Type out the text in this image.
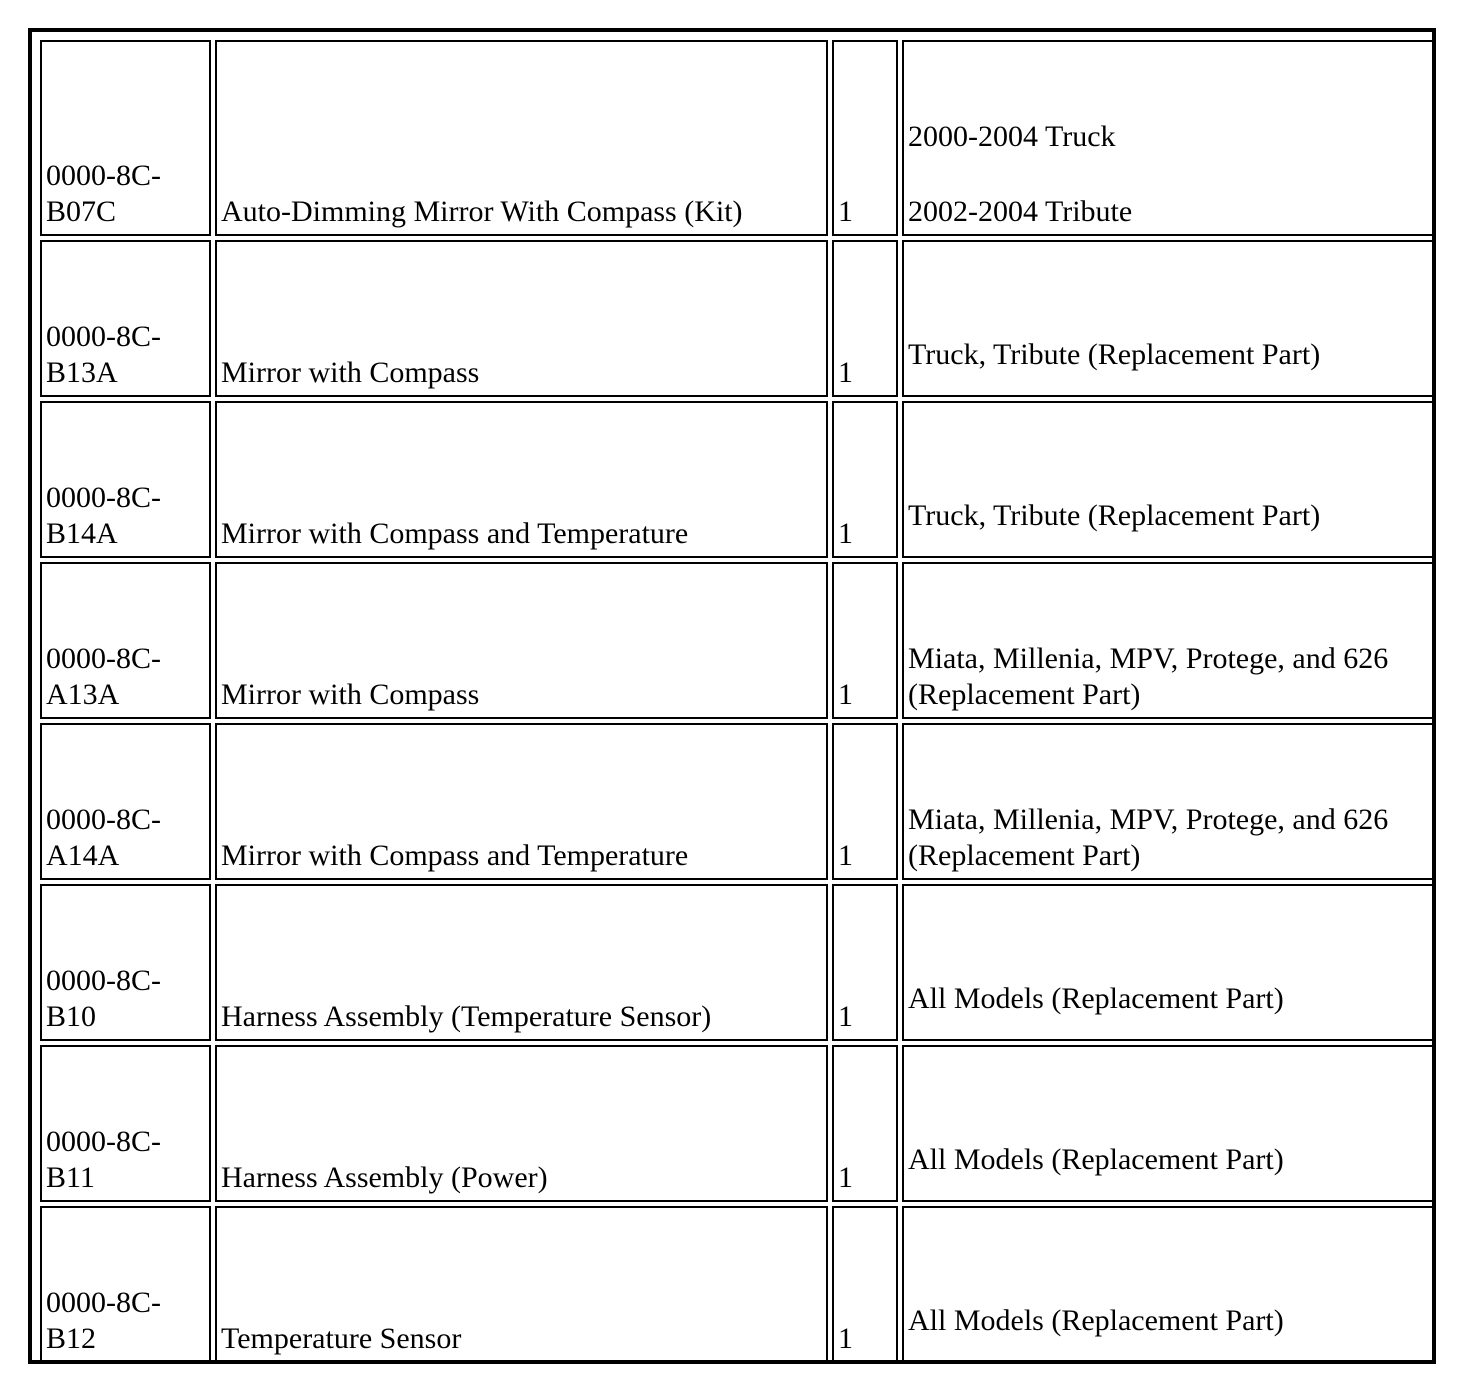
0000-8C-
B07C	Auto-Dimming Mirror With Compass (Kit)	1	2000-2004 Truck
2002-2004 Tribute

0000-8C-
B13A	Mirror with Compass	1	Truck, Tribute (Replacement Part)

0000-8C-
B14A	Mirror with Compass and Temperature	1	Truck, Tribute (Replacement Part)

0000-8C-
A13A	Mirror with Compass	1	Miata, Millenia, MPV, Protege, and 626 (Replacement Part)

0000-8C-
A14A	Mirror with Compass and Temperature	1	Miata, Millenia, MPV, Protege, and 626 (Replacement Part)

0000-8C-
B10	Harness Assembly (Temperature Sensor)	1	All Models (Replacement Part)

0000-8C-
B11	Harness Assembly (Power)	1	All Models (Replacement Part)

0000-8C-
B12	Temperature Sensor	1	All Models (Replacement Part)
